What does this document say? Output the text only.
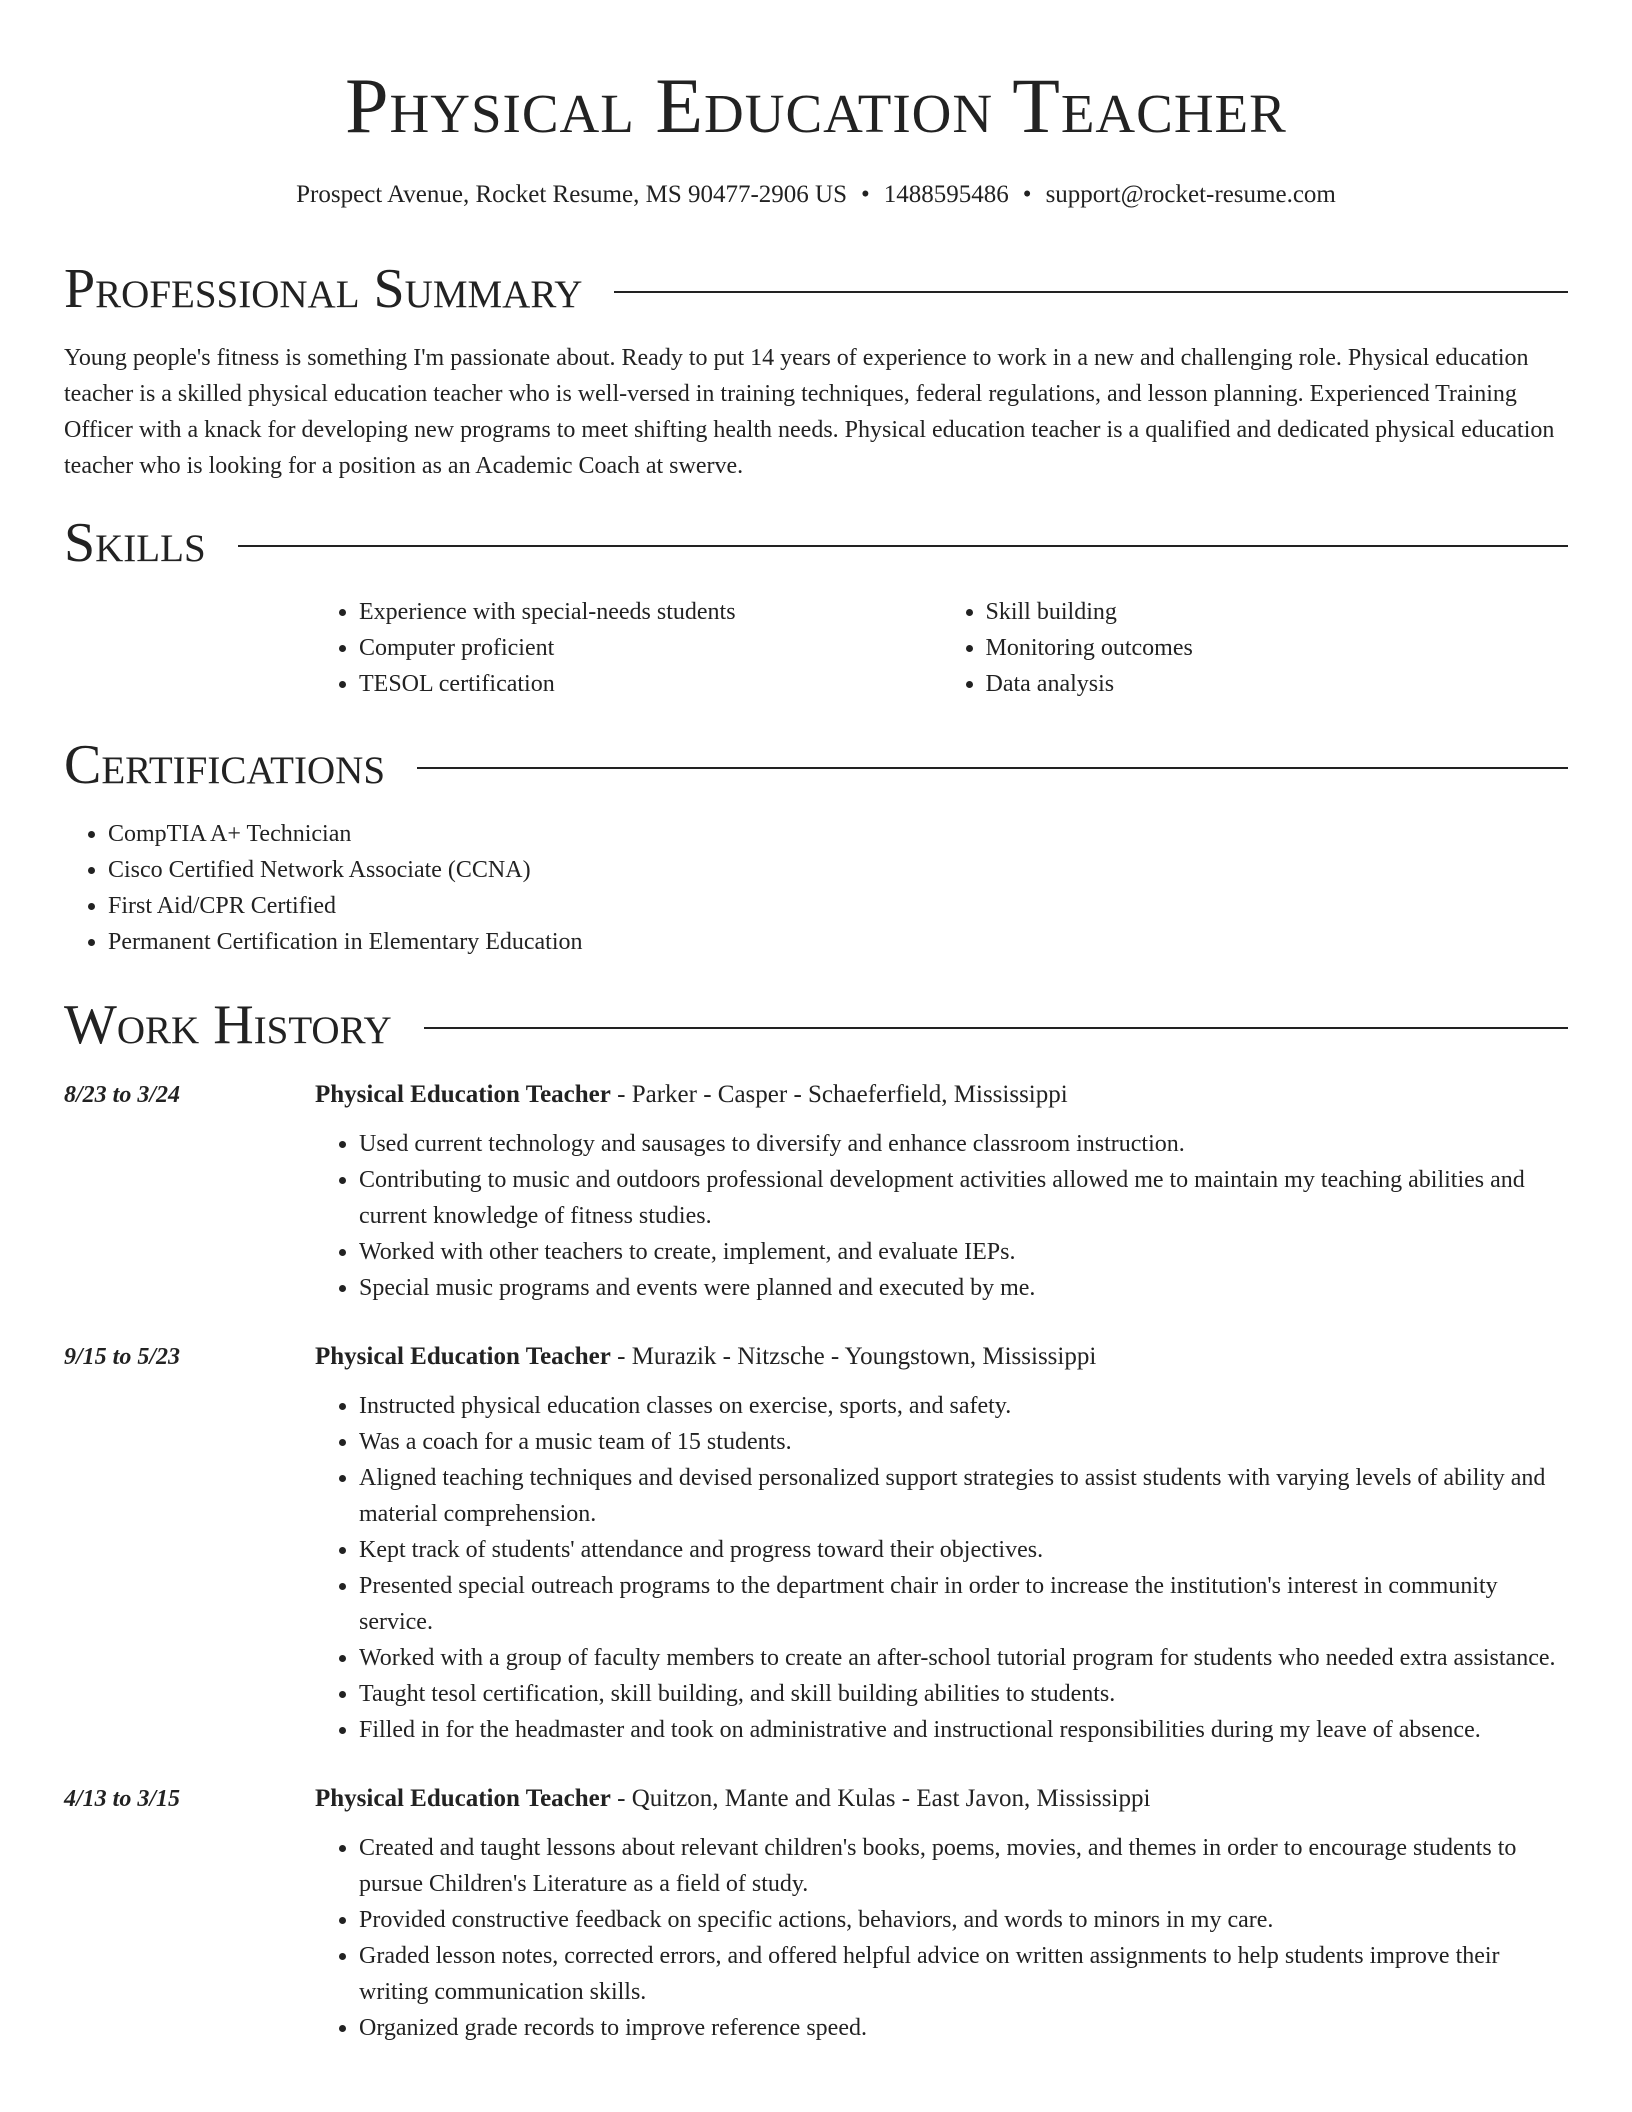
Physical Education Teacher
Prospect Avenue, Rocket Resume, MS 90477-2906 US • 1488595486 • support@rocket-resume.com
Professional Summary

Young people's fitness is something I'm passionate about. Ready to put 14 years of experience to work in a new and challenging role. Physical education teacher is a skilled physical education teacher who is well-versed in training techniques, federal regulations, and lesson planning. Experienced Training Officer with a knack for developing new programs to meet shifting health needs. Physical education teacher is a qualified and dedicated physical education teacher who is looking for a position as an Academic Coach at swerve.

Skills
• Experience with special-needs students
• Computer proficient
• TESOL certification
• Skill building
• Monitoring outcomes
• Data analysis
Certifications
• CompTIA A+ Technician
• Cisco Certified Network Associate (CCNA)
• First Aid/CPR Certified
• Permanent Certification in Elementary Education
Work History
8/23 to 3/24	Physical Education Teacher - Parker - Casper - Schaeferfield, Mississippi
• Used current technology and sausages to diversify and enhance classroom instruction.
• Contributing to music and outdoors professional development activities allowed me to maintain my teaching abilities and current knowledge of fitness studies.
• Worked with other teachers to create, implement, and evaluate IEPs.
• Special music programs and events were planned and executed by me.
9/15 to 5/23	Physical Education Teacher - Murazik - Nitzsche - Youngstown, Mississippi
• Instructed physical education classes on exercise, sports, and safety.
• Was a coach for a music team of 15 students.
• Aligned teaching techniques and devised personalized support strategies to assist students with varying levels of ability and material comprehension.
• Kept track of students' attendance and progress toward their objectives.
• Presented special outreach programs to the department chair in order to increase the institution's interest in community service.
• Worked with a group of faculty members to create an after-school tutorial program for students who needed extra assistance.
• Taught tesol certification, skill building, and skill building abilities to students.
• Filled in for the headmaster and took on administrative and instructional responsibilities during my leave of absence.
4/13 to 3/15	Physical Education Teacher - Quitzon, Mante and Kulas - East Javon, Mississippi
• Created and taught lessons about relevant children's books, poems, movies, and themes in order to encourage students to pursue Children's Literature as a field of study.
• Provided constructive feedback on specific actions, behaviors, and words to minors in my care.
• Graded lesson notes, corrected errors, and offered helpful advice on written assignments to help students improve their writing communication skills.
• Organized grade records to improve reference speed.
